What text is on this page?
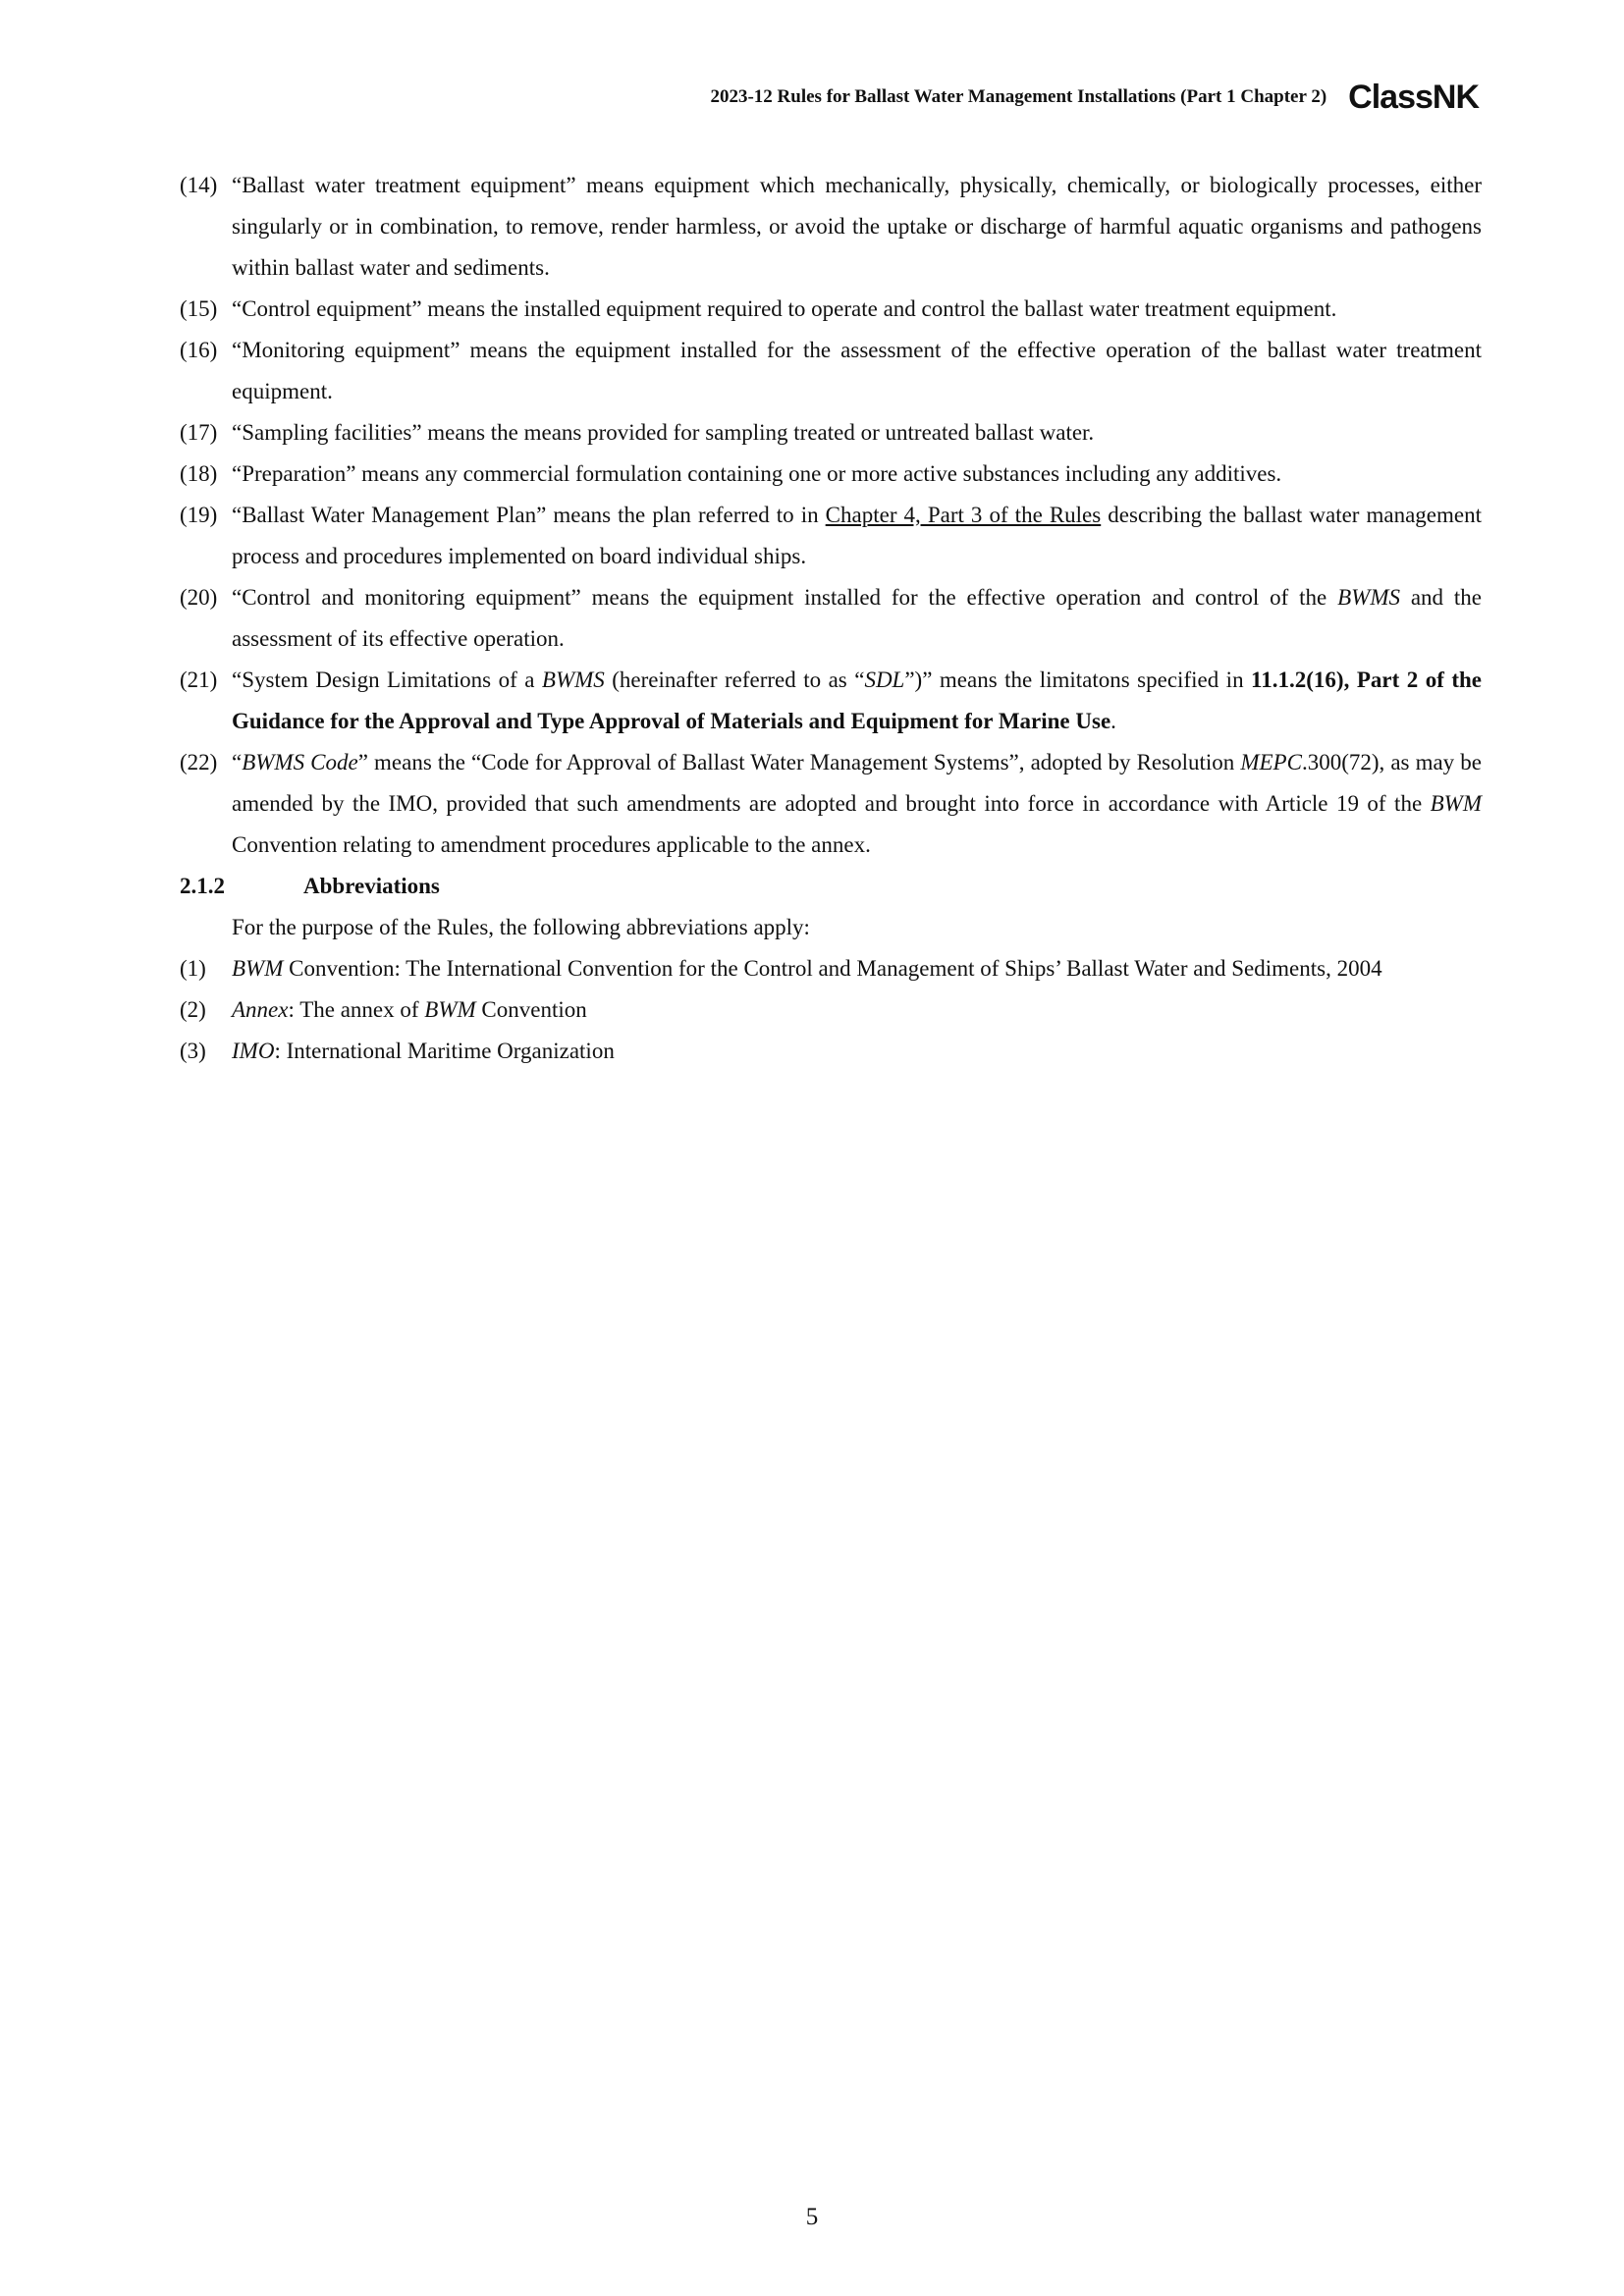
2023-12 Rules for Ballast Water Management Installations (Part 1 Chapter 2) ClassNK
(14) “Ballast water treatment equipment” means equipment which mechanically, physically, chemically, or biologically processes, either singularly or in combination, to remove, render harmless, or avoid the uptake or discharge of harmful aquatic organisms and pathogens within ballast water and sediments.
(15) “Control equipment” means the installed equipment required to operate and control the ballast water treatment equipment.
(16) “Monitoring equipment” means the equipment installed for the assessment of the effective operation of the ballast water treatment equipment.
(17) “Sampling facilities” means the means provided for sampling treated or untreated ballast water.
(18) “Preparation” means any commercial formulation containing one or more active substances including any additives.
(19) “Ballast Water Management Plan” means the plan referred to in Chapter 4, Part 3 of the Rules describing the ballast water management process and procedures implemented on board individual ships.
(20) “Control and monitoring equipment” means the equipment installed for the effective operation and control of the BWMS and the assessment of its effective operation.
(21) “System Design Limitations of a BWMS (hereinafter referred to as “SDL”)” means the limitatons specified in 11.1.2(16), Part 2 of the Guidance for the Approval and Type Approval of Materials and Equipment for Marine Use.
(22) “BWMS Code” means the “Code for Approval of Ballast Water Management Systems”, adopted by Resolution MEPC.300(72), as may be amended by the IMO, provided that such amendments are adopted and brought into force in accordance with Article 19 of the BWM Convention relating to amendment procedures applicable to the annex.
2.1.2	Abbreviations
For the purpose of the Rules, the following abbreviations apply:
(1)	BWM Convention: The International Convention for the Control and Management of Ships’ Ballast Water and Sediments, 2004
(2)	Annex: The annex of BWM Convention
(3)	IMO: International Maritime Organization
5
